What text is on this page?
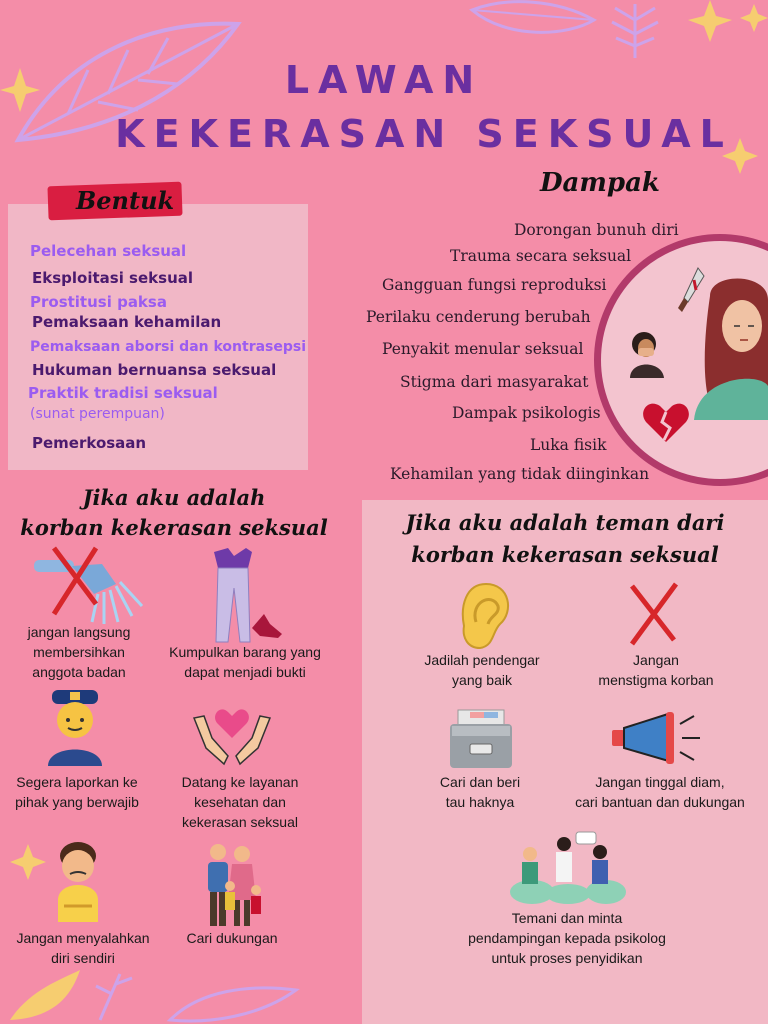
LAWAN
KEKERASAN SEKSUAL
Bentuk
Pelecehan seksual
Eksploitasi seksual
Prostitusi paksa
Pemaksaan kehamilan
Pemaksaan aborsi dan kontrasepsi
Hukuman bernuansa seksual
Praktik tradisi seksual
(sunat perempuan)
Pemerkosaan
Dampak
Dorongan bunuh diri
Trauma secara seksual
Gangguan fungsi reproduksi
Perilaku cenderung berubah
Penyakit menular seksual
Stigma dari masyarakat
Dampak psikologis
Luka fisik
Kehamilan yang tidak diinginkan
Jika aku adalah
korban kekerasan seksual
jangan langsung
membersihkan
anggota badan
Kumpulkan barang yang
dapat menjadi bukti
Segera laporkan ke
pihak yang berwajib
Datang ke layanan
kesehatan dan
kekerasan seksual
Jangan menyalahkan
diri sendiri
Cari dukungan
Jika aku adalah teman dari
korban kekerasan seksual
Jadilah pendengar
yang baik
Jangan
menstigma korban
Cari dan beri
tau haknya
Jangan tinggal diam,
cari bantuan dan dukungan
Temani dan minta
pendampingan kepada psikolog
untuk proses penyidikan
